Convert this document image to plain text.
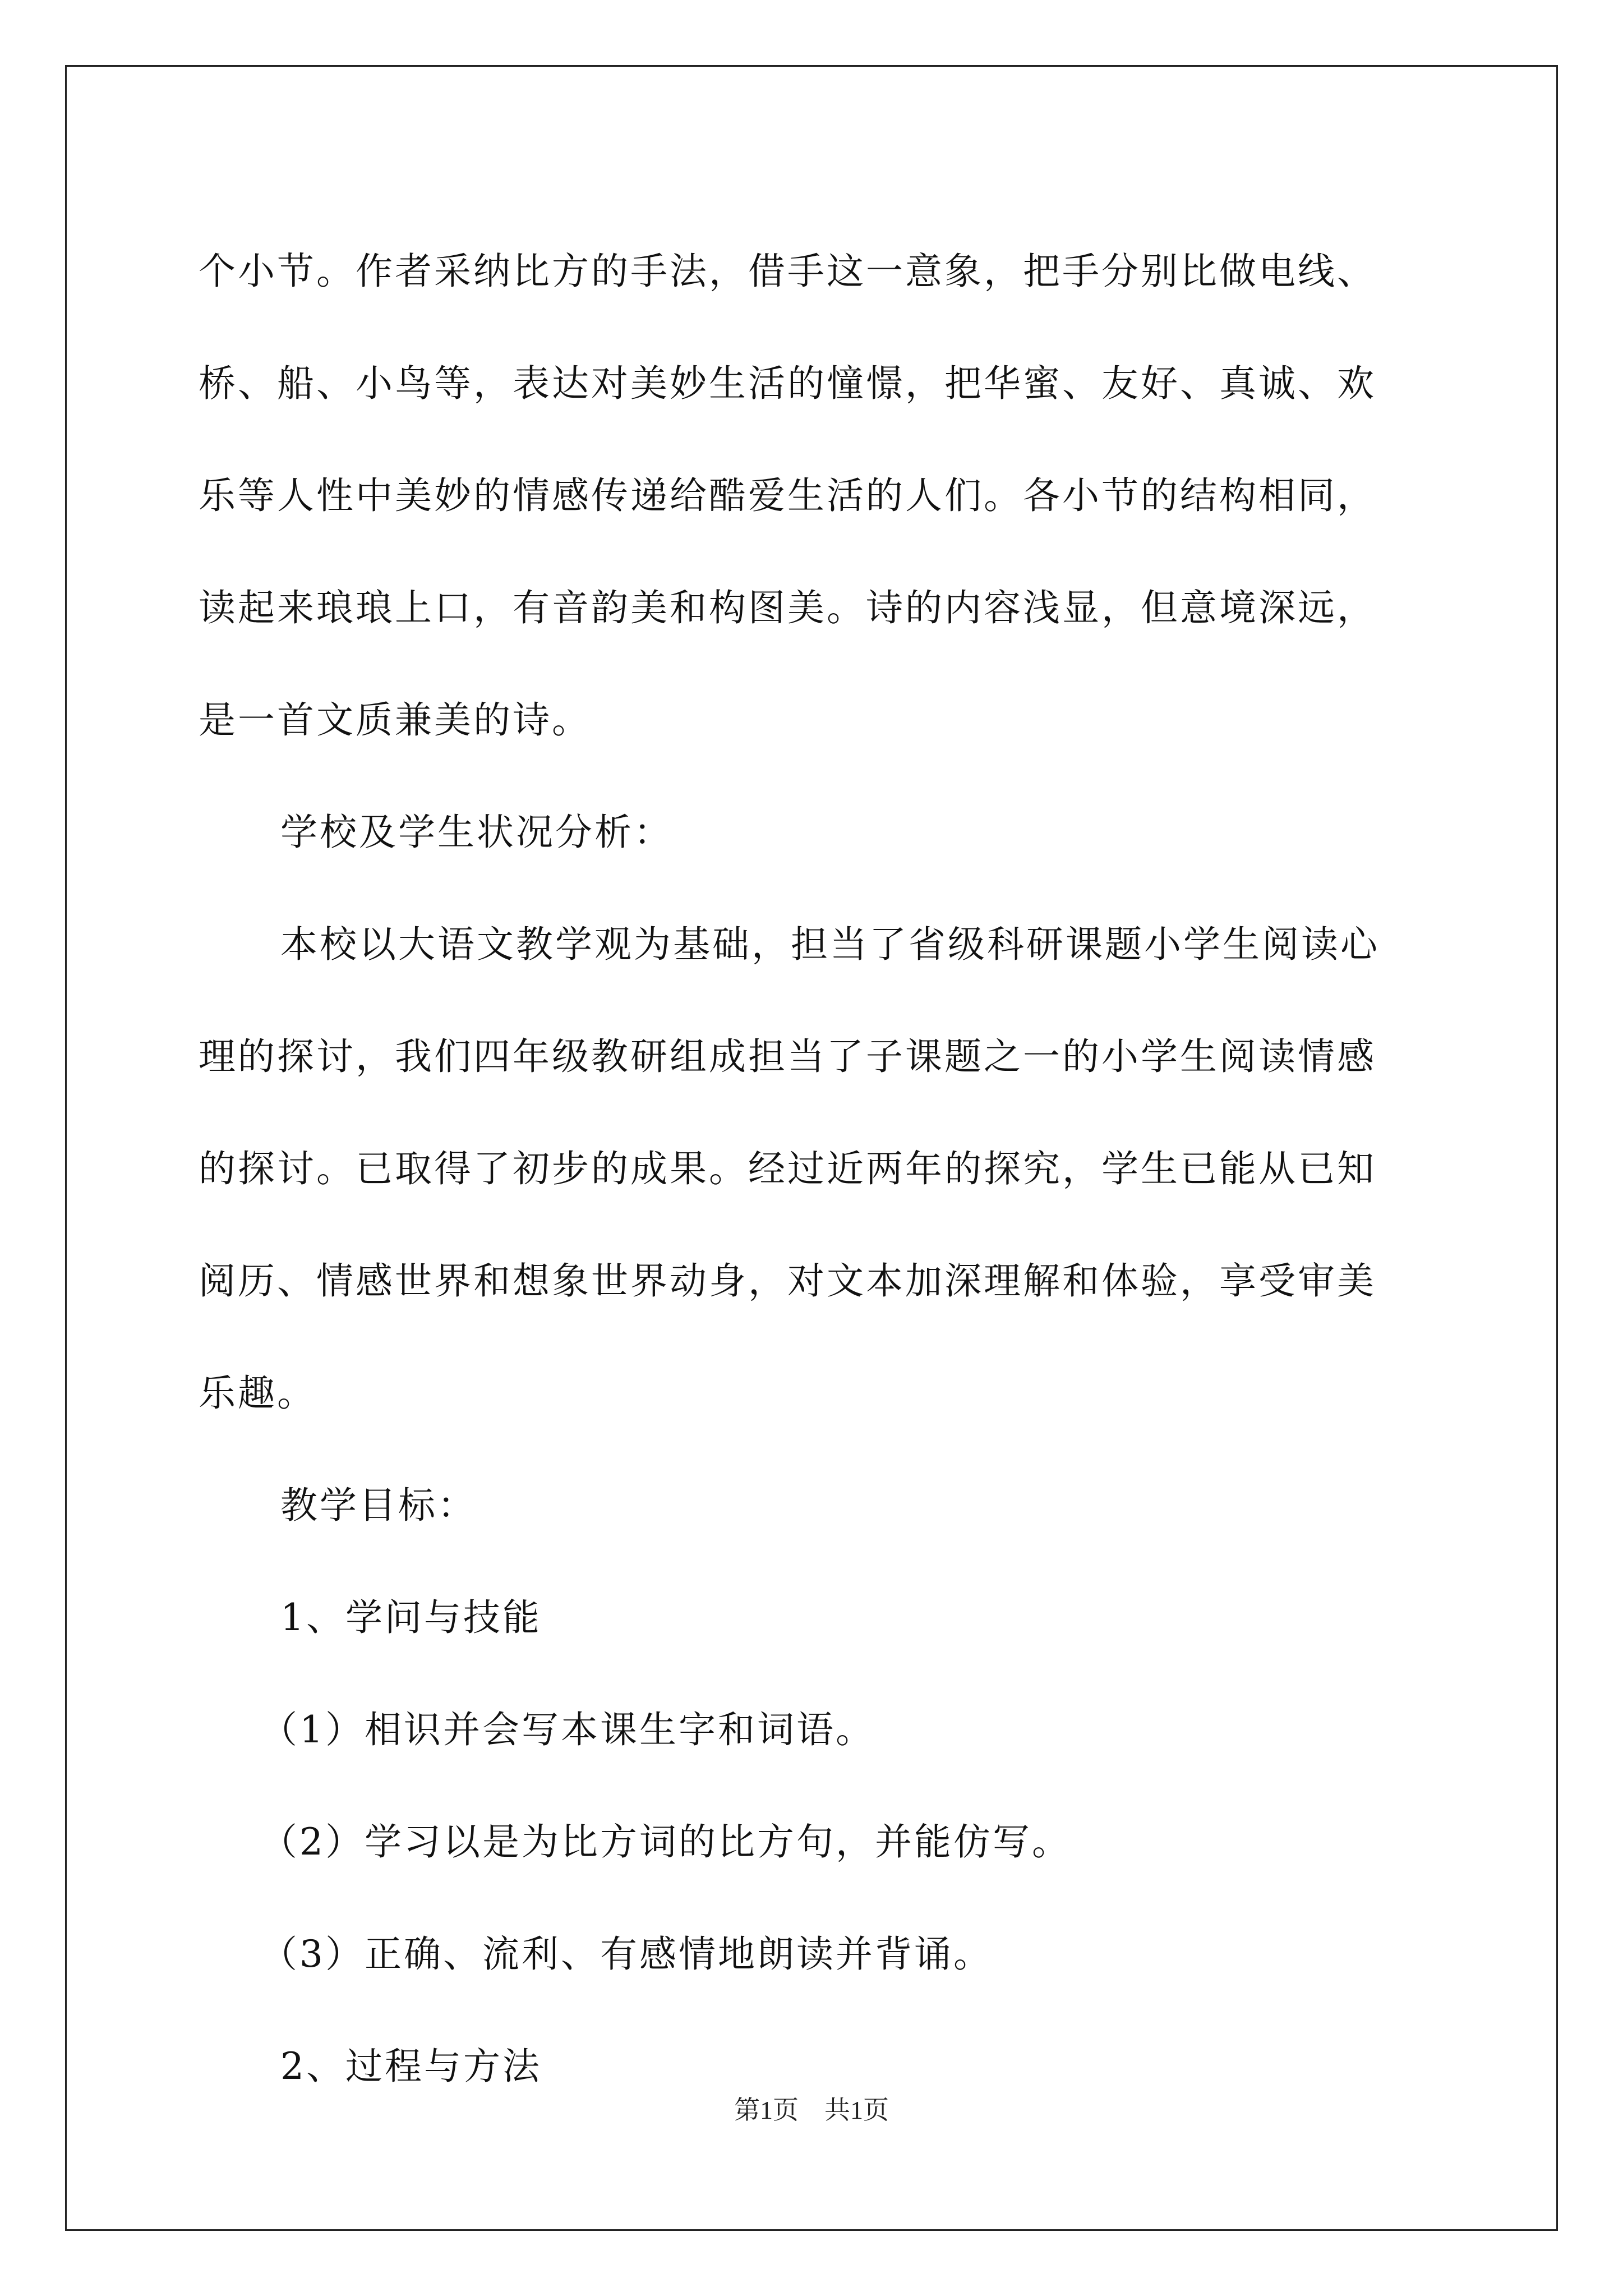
个小节。作者采纳比方的手法，借手这一意象，把手分别比做电线、
桥、船、小鸟等，表达对美妙生活的憧憬，把华蜜、友好、真诚、欢
乐等人性中美妙的情感传递给酷爱生活的人们。各小节的结构相同，
读起来琅琅上口，有音韵美和构图美。诗的内容浅显，但意境深远，
是一首文质兼美的诗。
学校及学生状况分析：
本校以大语文教学观为基础，担当了省级科研课题小学生阅读心
理的探讨，我们四年级教研组成担当了子课题之一的小学生阅读情感
的探讨。已取得了初步的成果。经过近两年的探究，学生已能从已知
阅历、情感世界和想象世界动身，对文本加深理解和体验，享受审美
乐趣。
教学目标：
1、学问与技能
（1）相识并会写本课生字和词语。
（2）学习以是为比方词的比方句，并能仿写。
（3）正确、流利、有感情地朗读并背诵。
2、过程与方法
第1页　共1页
